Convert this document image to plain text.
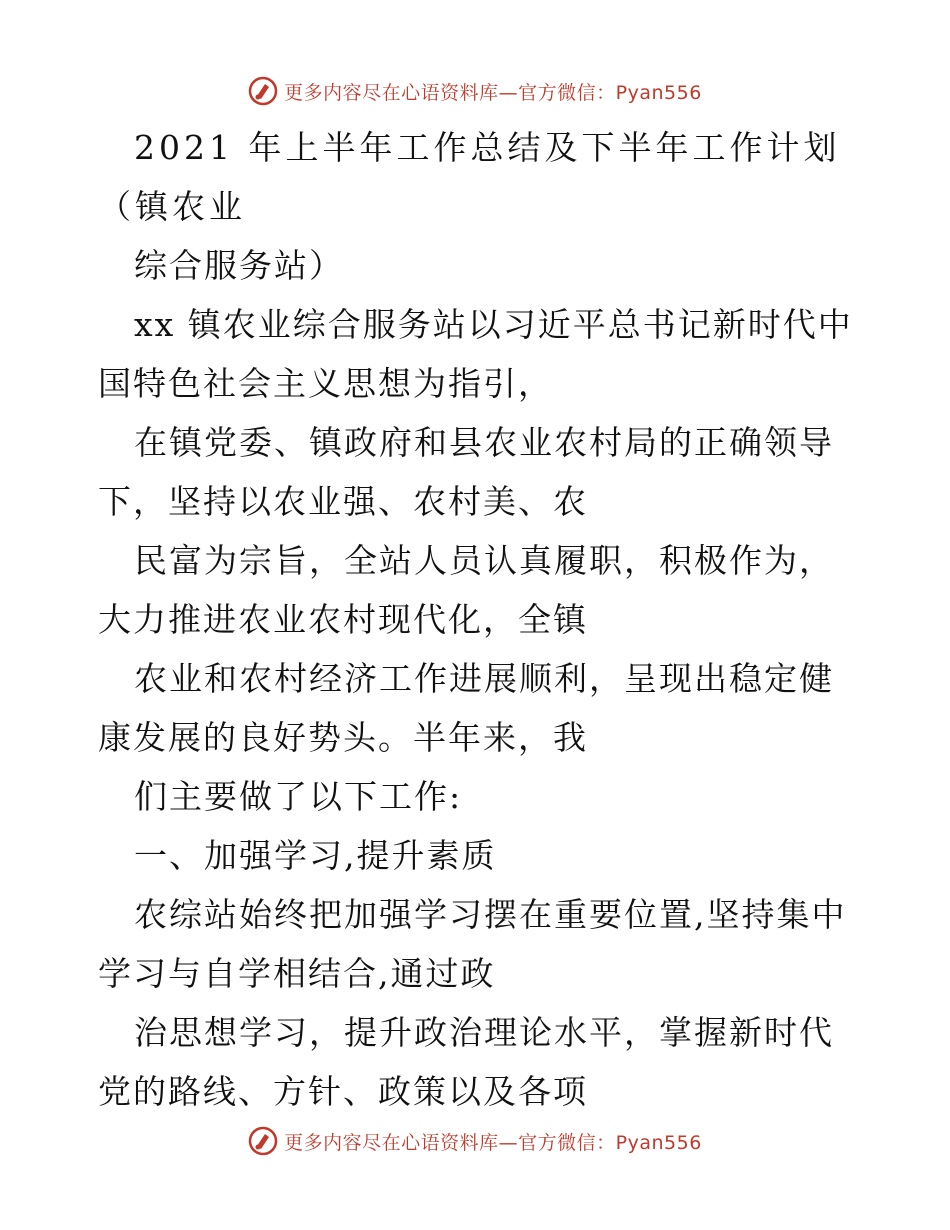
更多内容尽在心语资料库—官方微信：Pyan556

2021 年上半年工作总结及下半年工作计划（镇农业

综合服务站）

xx 镇农业综合服务站以习近平总书记新时代中国特色社会主义思想为指引，

在镇党委、镇政府和县农业农村局的正确领导下，坚持以农业强、农村美、农

民富为宗旨，全站人员认真履职，积极作为，大力推进农业农村现代化，全镇

农业和农村经济工作进展顺利，呈现出稳定健康发展的良好势头。半年来，我

们主要做了以下工作:

一、加强学习,提升素质

农综站始终把加强学习摆在重要位置,坚持集中学习与自学相结合,通过政

治思想学习，提升政治理论水平，掌握新时代党的路线、方针、政策以及各项

更多内容尽在心语资料库—官方微信：Pyan556
